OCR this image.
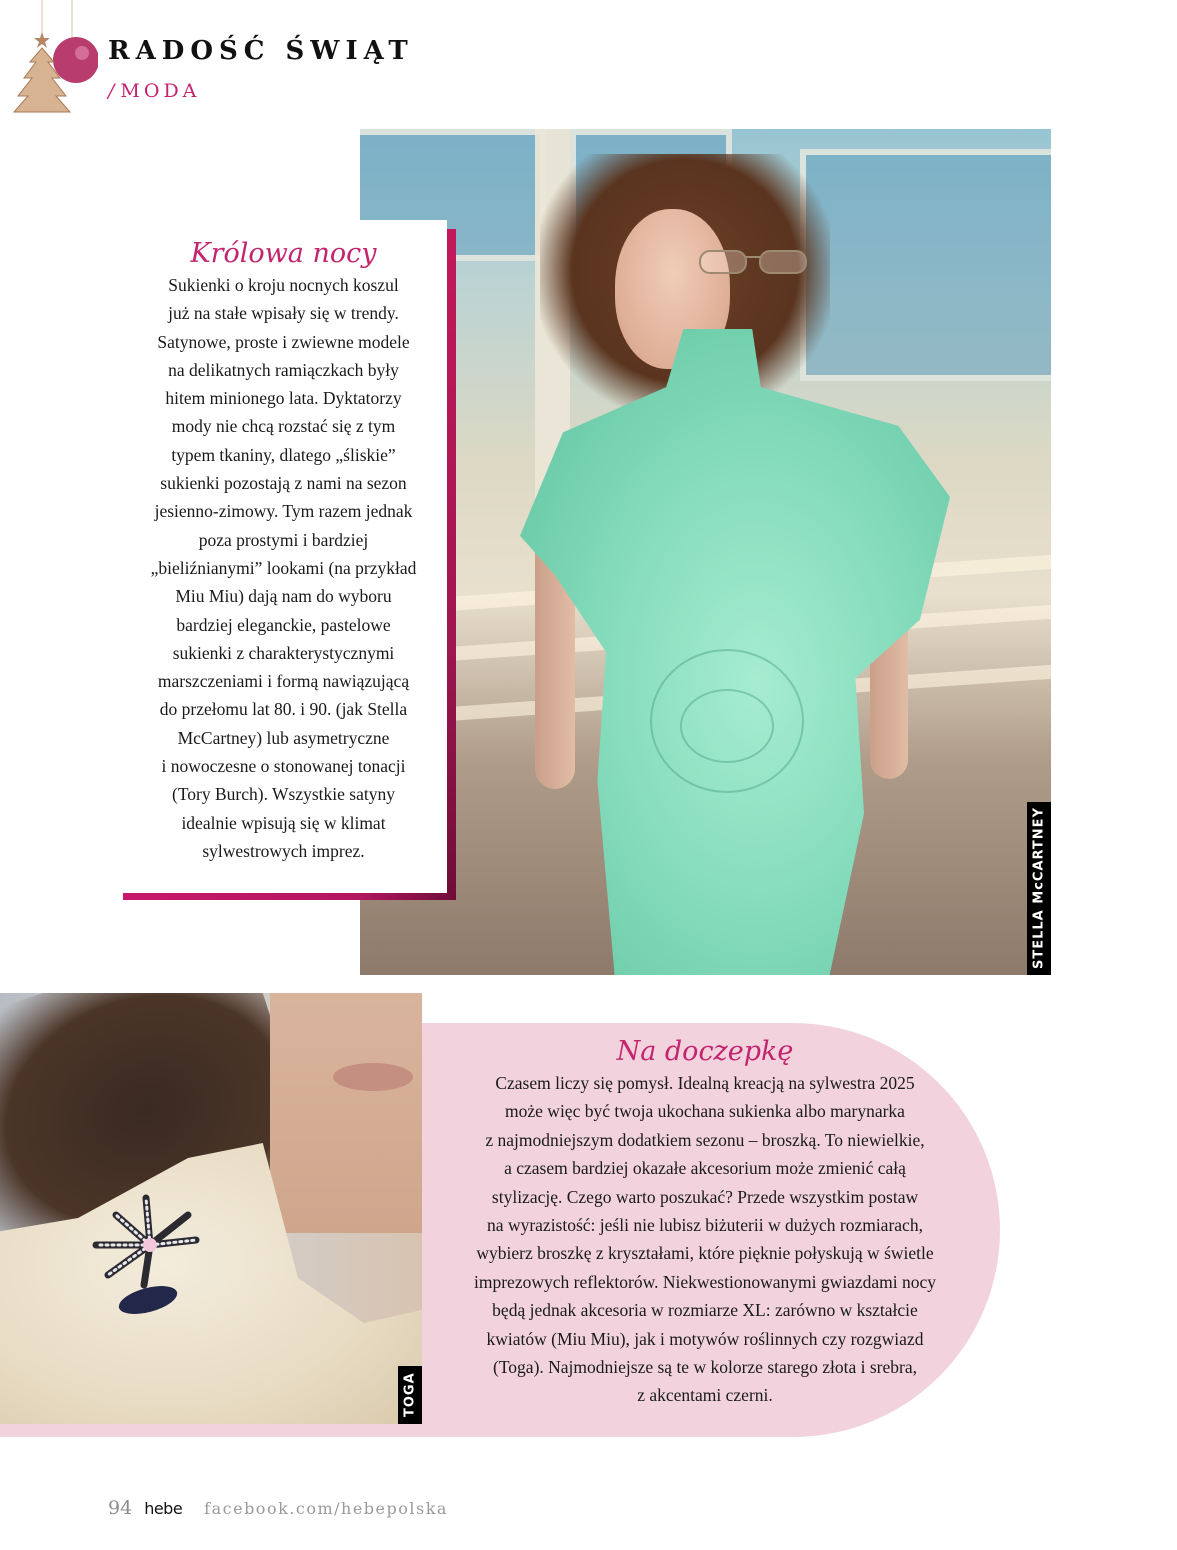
RADOŚĆ ŚWIĄT
/ MODA
STELLA McCARTNEY
Królowa nocy

Sukienki o kroju nocnych koszul
już na stałe wpisały się w trendy.
Satynowe, proste i zwiewne modele
na delikatnych ramiączkach były
hitem minionego lata. Dyktatorzy
mody nie chcą rozstać się z tym
typem tkaniny, dlatego „śliskie”
sukienki pozostają z nami na sezon
jesienno-zimowy. Tym razem jednak
poza prostymi i bardziej
„bieliźnianymi” lookami (na przykład
Miu Miu) dają nam do wyboru
bardziej eleganckie, pastelowe
sukienki z charakterystycznymi
marszczeniami i formą nawiązującą
do przełomu lat 80. i 90. (jak Stella
McCartney) lub asymetryczne
i nowoczesne o stonowanej tonacji
(Tory Burch). Wszystkie satyny
idealnie wpisują się w klimat
sylwestrowych imprez.

TOGA
Na doczepkę

Czasem liczy się pomysł. Idealną kreacją na sylwestra 2025
może więc być twoja ukochana sukienka albo marynarka
z najmodniejszym dodatkiem sezonu – broszką. To niewielkie,
a czasem bardziej okazałe akcesorium może zmienić całą
stylizację. Czego warto poszukać? Przede wszystkim postaw
na wyrazistość: jeśli nie lubisz biżuterii w dużych rozmiarach,
wybierz broszkę z kryształami, które pięknie połyskują w świetle
imprezowych reflektorów. Niekwestionowanymi gwiazdami nocy
będą jednak akcesoria w rozmiarze XL: zarówno w kształcie
kwiatów (Miu Miu), jak i motywów roślinnych czy rozgwiazd
(Toga). Najmodniejsze są te w kolorze starego złota i srebra,
z akcentami czerni.

94 hebe facebook.com/hebepolska
